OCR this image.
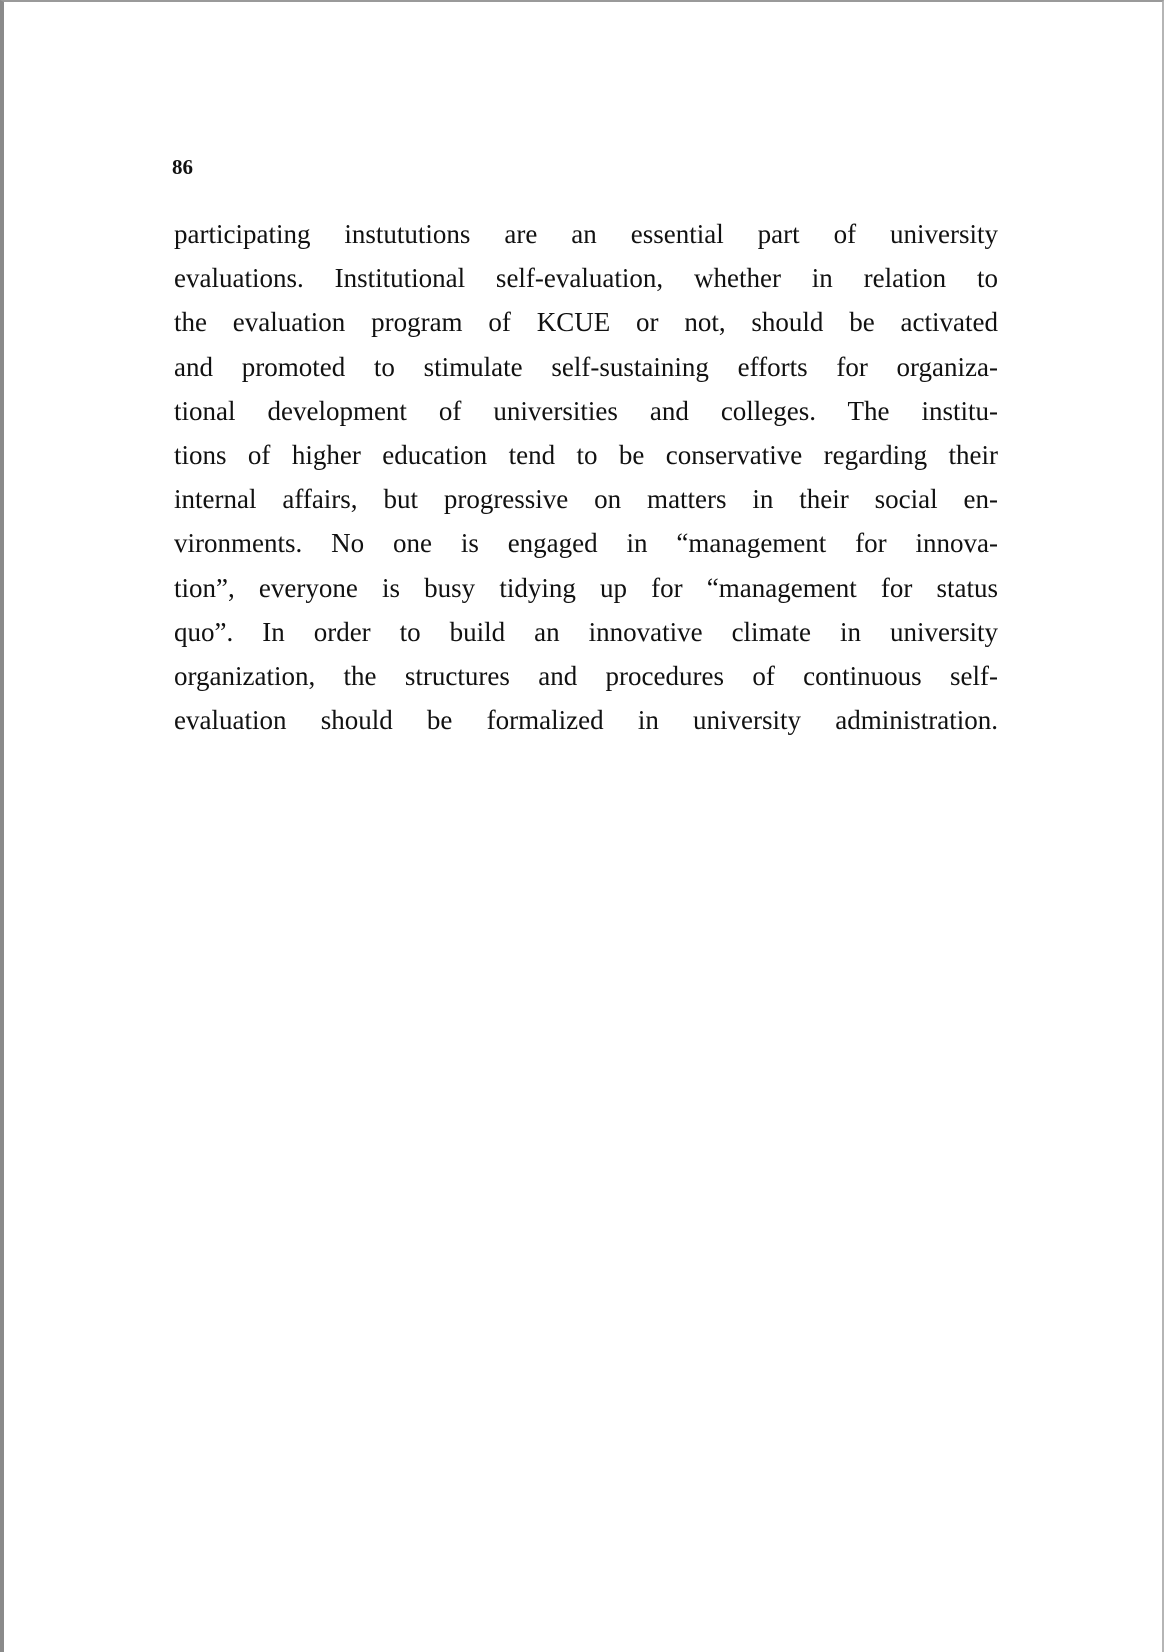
86
participating instututions are an essential part of university
evaluations. Institutional self-evaluation, whether in relation to
the evaluation program of KCUE or not, should be activated
and promoted to stimulate self-sustaining efforts for organiza-
tional development of universities and colleges. The institu-
tions of higher education tend to be conservative regarding their
internal affairs, but progressive on matters in their social en-
vironments. No one is engaged in “management for innova-
tion”, everyone is busy tidying up for “management for status
quo”. In order to build an innovative climate in university
organization, the structures and procedures of continuous self-
evaluation should be formalized in university administration.
